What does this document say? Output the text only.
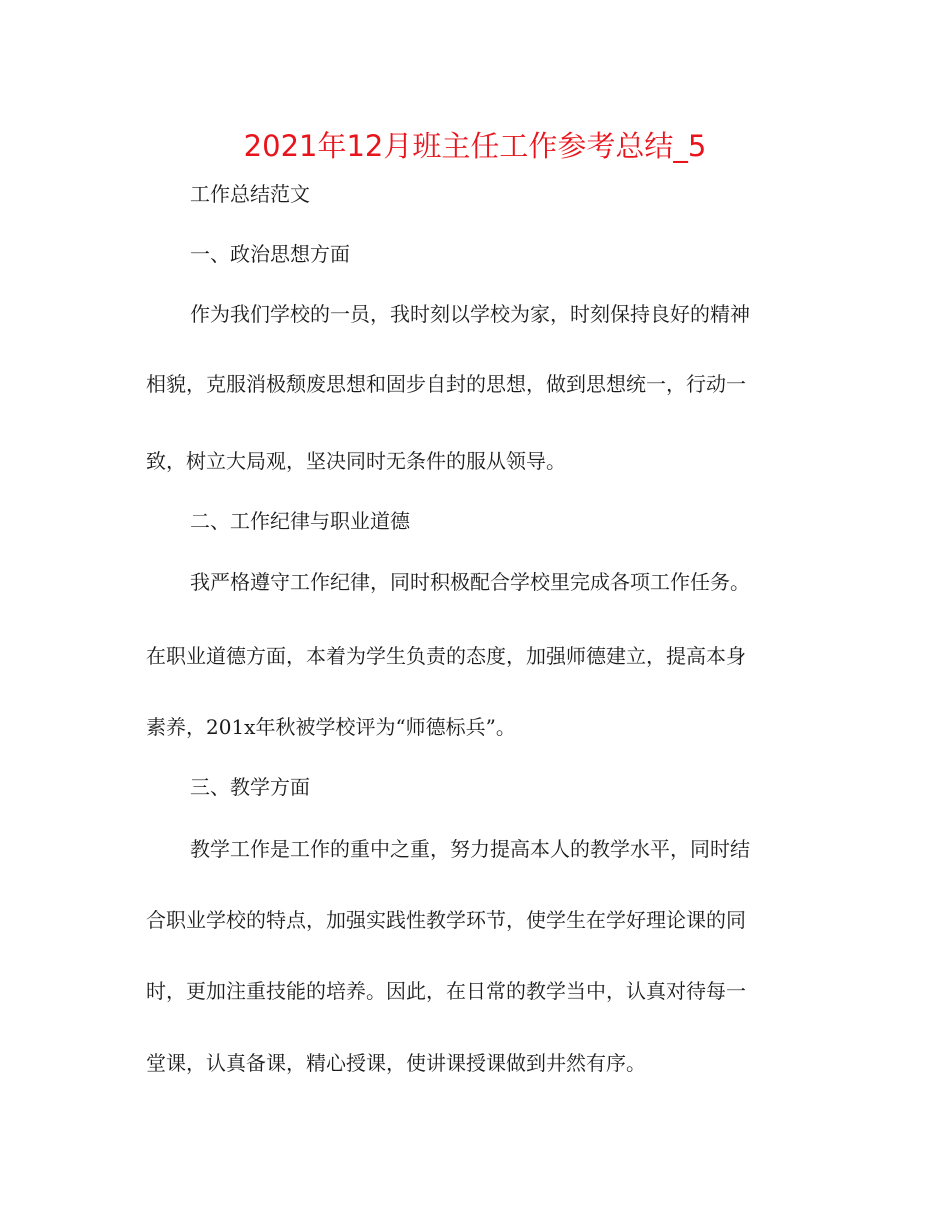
2021年12月班主任工作参考总结_5
工作总结范文
一、政治思想方面
作为我们学校的一员，我时刻以学校为家，时刻保持良好的精神
相貌，克服消极颓废思想和固步自封的思想，做到思想统一，行动一
致，树立大局观，坚决同时无条件的服从领导。
二、工作纪律与职业道德
我严格遵守工作纪律，同时积极配合学校里完成各项工作任务。
在职业道德方面，本着为学生负责的态度，加强师德建立，提高本身
素养，201x年秋被学校评为“师德标兵”。
三、教学方面
教学工作是工作的重中之重，努力提高本人的教学水平，同时结
合职业学校的特点，加强实践性教学环节，使学生在学好理论课的同
时，更加注重技能的培养。因此，在日常的教学当中，认真对待每一
堂课，认真备课，精心授课，使讲课授课做到井然有序。
